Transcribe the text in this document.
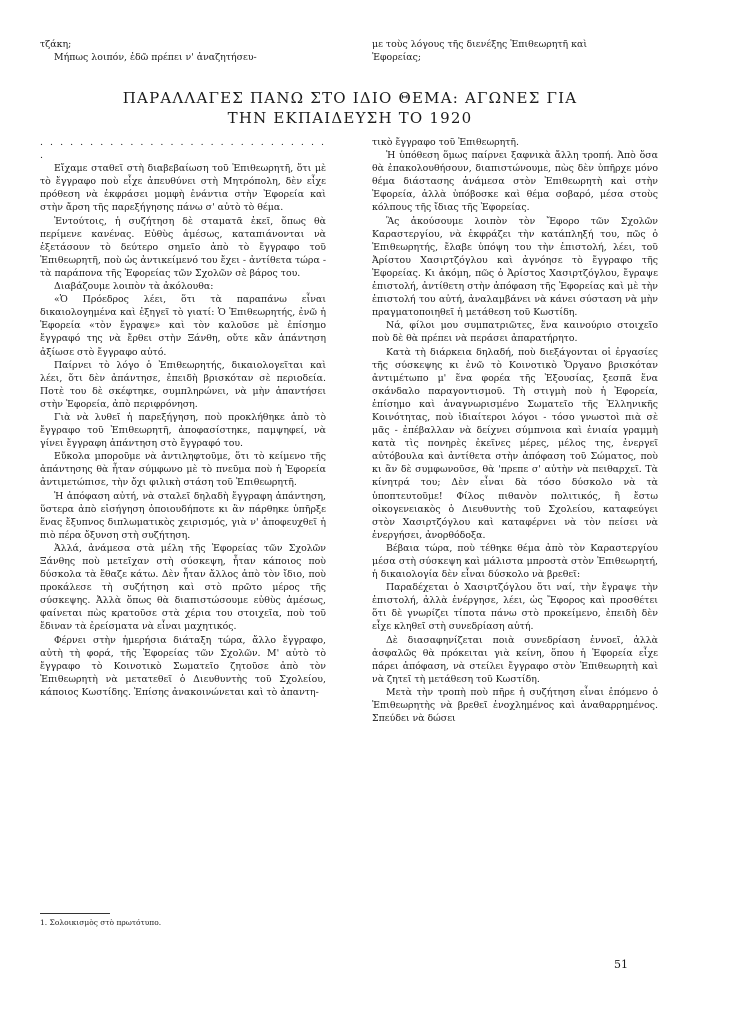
τζάκη;

Μήπως λοιπόν, ἐδῶ πρέπει ν' ἀναζητήσευ-

με τοὺς λόγους τῆς διενέξης Ἐπιθεωρητῆ καὶ

Ἐφορείας;

ΠΑΡΑΛΛΑΓΕΣ ΠΑΝΩ ΣΤΟ ΙΔΙΟ ΘΕΜΑ: ΑΓΩΝΕΣ ΓΙΑ
ΤΗΝ ΕΚΠΑΙΔΕΥΣΗ ΤΟ 1920

. . . . . . . . . . . . . . . . . . . . . . . . . . . . . .

Εἴχαμε σταθεῖ στὴ διαβεβαίωση τοῦ Ἐπιθεωρητῆ, ὅτι μὲ τὸ ἔγγραφο ποὺ εἶχε ἀπευθύνει στὴ Μητρόπολη, δὲν εἶχε πρόθεση νὰ ἐκφράσει μομφὴ ἐνάντια στὴν Ἐφορεία καὶ στὴν ἄρση τῆς παρεξήγησης πάνω σ' αὐτὸ τὸ θέμα.

Ἐντούτοις, ἡ συζήτηση δὲ σταματᾶ ἐκεῖ, ὅπως θὰ περίμενε κανένας. Εὐθὺς ἀμέσως, καταπιάνονται νὰ ἐξετάσουν τὸ δεύτερο σημεῖο ἀπὸ τὸ ἔγγραφο τοῦ Ἐπιθεωρητῆ, ποὺ ὡς ἀντικείμενό του ἔχει - ἀντίθετα τώρα - τὰ παράπονα τῆς Ἐφορείας τῶν Σχολῶν σὲ βάρος του.

Διαβάζουμε λοιπὸν τὰ ἀκόλουθα:

«Ὁ Πρόεδρος λέει, ὅτι τὰ παραπάνω εἶναι δικαιολογημένα καὶ ἐξηγεῖ τὸ γιατί: Ὁ Ἐπιθεωρητής, ἐνῶ ἡ Ἐφορεία «τὸν ἔγραψε» καὶ τὸν καλοῦσε μὲ ἐπίσημο ἔγγραφό της νὰ ἔρθει στὴν Ξάνθη, οὔτε κἂν ἀπάντηση ἀξίωσε στὸ ἔγγραφο αὐτό.

Παίρνει τὸ λόγο ὁ Ἐπιθεωρητής, δικαιολογεῖται καὶ λέει, ὅτι δὲν ἀπάντησε, ἐπειδὴ βρισκόταν σὲ περιοδεία. Ποτὲ του δὲ σκέφτηκε, συμπληρώνει, νὰ μὴν ἀπαντήσει στὴν Ἐφορεία, ἀπὸ περιφρόνηση.

Γιὰ νὰ λυθεῖ ἡ παρεξήγηση, ποὺ προκλήθηκε ἀπὸ τὸ ἔγγραφο τοῦ Ἐπιθεωρητῆ, ἀποφασίστηκε, παμψηφεί, νὰ γίνει ἔγγραφη ἀπάντηση στὸ ἔγγραφό του.

Εὔκολα μποροῦμε νὰ ἀντιληφτοῦμε, ὅτι τὸ κείμενο τῆς ἀπάντησης θὰ ἦταν σύμφωνο μὲ τὸ πνεῦμα ποὺ ἡ Ἐφορεία ἀντιμετώπισε, τὴν ὄχι φιλικὴ στάση τοῦ Ἐπιθεωρητῆ.

Ἡ ἀπόφαση αὐτή, νὰ σταλεῖ δηλαδὴ ἔγγραφη ἀπάντηση, ὕστερα ἀπὸ εἰσήγηση ὁποιουδήποτε κι ἂν πάρθηκε ὑπῆρξε ἕνας ἔξυπνος διπλωματικὸς χειρισμός, γιὰ ν' ἀποφευχθεῖ ἡ πιὸ πέρα ὄξυνση στὴ συζήτηση.

Ἀλλά, ἀνάμεσα στὰ μέλη τῆς Ἐφορείας τῶν Σχολῶν Ξάνθης ποὺ μετεῖχαν στὴ σύσκεψη, ἦταν κάποιος ποὺ δύσκολα τὰ ἔθαζε κάτω. Δὲν ἦταν ἄλλος ἀπὸ τὸν ἴδιο, ποὺ προκάλεσε τὴ συζήτηση καὶ στὸ πρῶτο μέρος τῆς σύσκεψης. Ἀλλὰ ὅπως θὰ διαπιστώσουμε εὐθὺς ἀμέσως, φαίνεται πὼς κρατοῦσε στὰ χέρια του στοιχεῖα, ποὺ τοῦ ἔδιναν τὰ ἐρείσματα νὰ εἶναι μαχητικός.

Φέρνει στὴν ἡμερήσια διάταξη τώρα, ἄλλο ἔγγραφο, αὐτὴ τὴ φορά, τῆς Ἐφορείας τῶν Σχολῶν. Μ' αὐτὸ τὸ ἔγγραφο τὸ Κοινοτικὸ Σωματεῖο ζητοῦσε ἀπὸ τὸν Ἐπιθεωρητὴ νὰ μετατεθεῖ ὁ Διευθυντὴς τοῦ Σχολείου, κάποιος Κωστίδης. Ἐπίσης ἀνακοινώνεται καὶ τὸ ἀπαντη-

τικὸ ἔγγραφο τοῦ Ἐπιθεωρητῆ.

Ἡ ὑπόθεση ὅμως παίρνει ξαφνικὰ ἄλλη τροπή. Ἀπὸ ὅσα θὰ ἐπακολουθήσουν, διαπιστώνουμε, πὼς δὲν ὑπῆρχε μόνο θέμα διάστασης ἀνάμεσα στὸν Ἐπιθεωρητὴ καὶ στὴν Ἐφορεία, ἀλλὰ ὑπόβοσκε καὶ θέμα σοβαρό, μέσα στοὺς κόλπους τῆς ἴδιας τῆς Ἐφορείας.

Ἂς ἀκούσουμε λοιπὸν τὸν Ἔφορο τῶν Σχολῶν Καραστεργίου, νὰ ἐκφράζει τὴν κατάπληξή του, πῶς ὁ Ἐπιθεωρητής, ἔλαβε ὑπόψη του τὴν ἐπιστολή, λέει, τοῦ Ἀρίστου Χασιρτζόγλου καὶ ἀγνόησε τὸ ἔγγραφο τῆς Ἐφορείας. Κι ἀκόμη, πῶς ὁ Ἀρίστος Χασιρτζόγλου, ἔγραψε ἐπιστολή, ἀντίθετη στὴν ἀπόφαση τῆς Ἐφορείας καὶ μὲ τὴν ἐπιστολή του αὐτή, ἀναλαμβάνει νὰ κάνει σύσταση νὰ μὴν πραγματοποιηθεῖ ἡ μετάθεση τοῦ Κωστίδη.

Νά, φίλοι μου συμπατριῶτες, ἕνα καινούριο στοιχεῖο ποὺ δὲ θὰ πρέπει νὰ περάσει ἀπαρατήρητο.

Κατὰ τὴ διάρκεια δηλαδή, ποὺ διεξάγονται οἱ ἐργασίες τῆς σύσκεψης κι ἐνῶ τὸ Κοινοτικὸ Ὄργανο βρισκόταν ἀντιμέτωπο μ' ἕνα φορέα τῆς Ἐξουσίας, ξεσπᾶ ἕνα σκάνδαλο παραγοντισμοῦ. Τὴ στιγμὴ ποὺ ἡ Ἐφορεία, ἐπίσημο καὶ ἀναγνωρισμένο Σωματεῖο τῆς Ἑλληνικῆς Κοινότητας, ποὺ ἰδιαίτεροι λόγοι - τόσο γνωστοὶ πιὰ σὲ μᾶς - ἐπέβαλλαν νὰ δείχνει σύμπνοια καὶ ἐνιαία γραμμὴ κατὰ τὶς πονηρὲς ἐκεῖνες μέρες, μέλος της, ἐνεργεῖ αὐτόβουλα καὶ ἀντίθετα στὴν ἀπόφαση τοῦ Σώματος, ποὺ κι ἂν δὲ συμφωνοῦσε, θὰ 'πρεπε σ' αὐτὴν νὰ πειθαρχεῖ. Τὰ κίνητρά του; Δὲν εἶναι δὰ τόσο δύσκολο νὰ τὰ ὑποπτευτοῦμε! Φίλος πιθανὸν πολιτικός, ἢ ἔστω οἰκογενειακὸς ὁ Διευθυντὴς τοῦ Σχολείου, καταφεύγει στὸν Χασιρτζόγλου καὶ καταφέρνει νὰ τὸν πείσει νὰ ἐνεργήσει, ἀνορθόδοξα.

Βέβαια τώρα, ποὺ τέθηκε θέμα ἀπὸ τὸν Καραστεργίου μέσα στὴ σύσκεψη καὶ μάλιστα μπροστὰ στὸν Ἐπιθεωρητή, ἡ δικαιολογία δὲν εἶναι δύσκολο νὰ βρεθεῖ:

Παραδέχεται ὁ Χασιρτζόγλου ὅτι ναί, τὴν ἔγραψε τὴν ἐπιστολή, ἀλλὰ ἐνέργησε, λέει, ὡς Ἔφορος καὶ προσθέτει ὅτι δὲ γνωρίζει τίποτα πάνω στὸ προκείμενο, ἐπειδὴ δὲν εἶχε κληθεῖ στὴ συνεδρίαση αὐτή.

Δὲ διασαφηνίζεται ποιὰ συνεδρίαση ἐννοεῖ, ἀλλὰ ἀσφαλῶς θὰ πρόκειται γιὰ κείνη, ὅπου ἡ Ἐφορεία εἶχε πάρει ἀπόφαση, νὰ στείλει ἔγγραφο στὸν Ἐπιθεωρητὴ καὶ νὰ ζητεῖ τὴ μετάθεση τοῦ Κωστίδη.

Μετὰ τὴν τροπὴ ποὺ πῆρε ἡ συζήτηση εἶναι ἑπόμενο ὁ Ἐπιθεωρητὴς νὰ βρεθεῖ ἐνοχλημένος καὶ ἀναθαρρημένος. Σπεύδει νὰ δώσει

1. Σολοικισμὸς στὸ πρωτότυπο.
51
